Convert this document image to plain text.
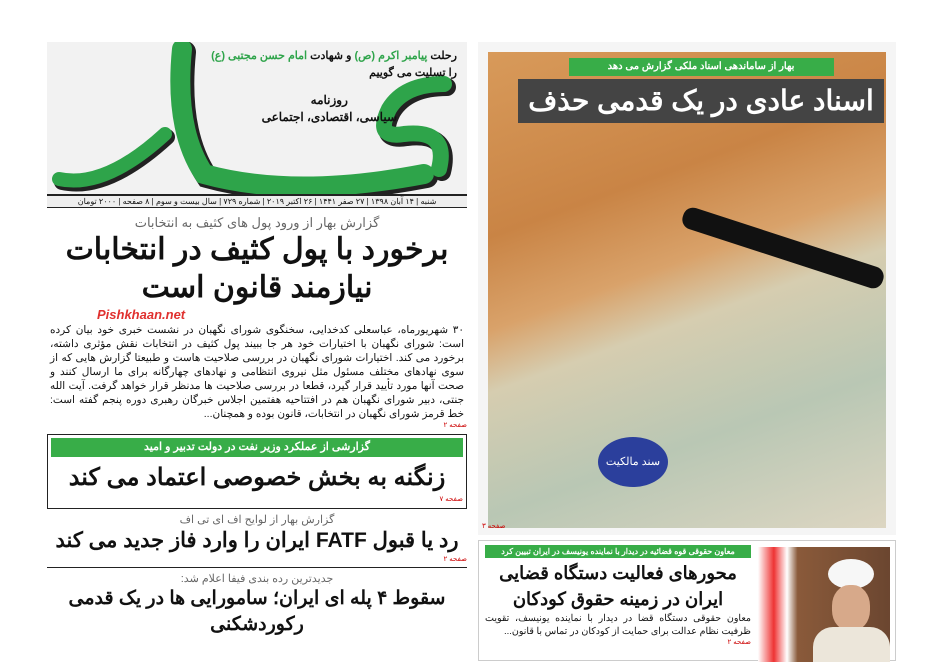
رحلت پیامبر اکرم (ص) و شهادت امام حسن مجتبی (ع)
را تسلیت می گوییم
روزنامه
سیاسی، اقتصادی، اجتماعی
شنبه | ۱۴ آبان ۱۳۹۸ | ۲۷ صفر ۱۴۴۱ | ۲۶ اکتبر ۲۰۱۹ | شماره ۷۲۹ | سال بیست و سوم | ۸ صفحه | ۲۰۰۰ تومان
گزارش بهار از ورود پول های کثیف به انتخابات
برخورد با پول کثیف در انتخابات
نیازمند قانون است
Pishkhaan.net
۳۰ شهریورماه، عباسعلی کدخدایی، سخنگوی شورای نگهبان در نشست خبری خود بیان کرده است: شورای نگهبان با اختیارات خود هر جا ببیند پول کثیف در انتخابات نقش مؤثری داشته، برخورد می کند. اختیارات شورای نگهبان در بررسی صلاحیت هاست و طبیعتا گزارش هایی که از سوی نهادهای مختلف مسئول مثل نیروی انتظامی و نهادهای چهارگانه برای ما ارسال کنند و صحت آنها مورد تأیید قرار گیرد، قطعا در بررسی صلاحیت ها مدنظر قرار خواهد گرفت. آیت الله جنتی، دبیر شورای نگهبان هم در افتتاحیه هفتمین اجلاس خبرگان رهبری دوره پنجم گفته است: خط قرمز شورای نگهبان در انتخابات، قانون بوده و همچنان...
صفحه ۲
گزارشی از عملکرد وزیر نفت در دولت تدبیر و امید
زنگنه به بخش خصوصی اعتماد می کند
صفحه ۷
گزارش بهار از لوایح اف ای تی اف
رد یا قبول FATF ایران را وارد فاز جدید می کند
صفحه ۲
جدیدترین رده بندی فیفا اعلام شد:
سقوط ۴ پله ای ایران؛ سامورایی ها در یک قدمی رکوردشکنی
سند مالکیت
بهار از ساماندهی اسناد ملکی گزارش می دهد
اسناد عادی در یک قدمی حذف
صفحه ۳
معاون حقوقی قوه قضائیه در دیدار با نماینده یونیسف در ایران تبیین کرد
محورهای فعالیت دستگاه قضایی
ایران در زمینه حقوق کودکان
معاون حقوقی دستگاه قضا در دیدار با نماینده یونیسف، تقویت ظرفیت نظام عدالت برای حمایت از کودکان در تماس با قانون...
صفحه ۲
